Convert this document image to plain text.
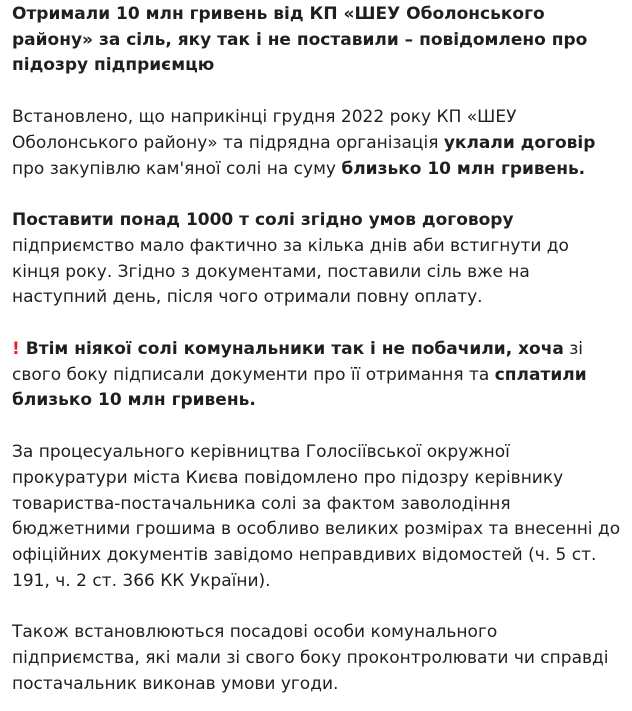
Отримали 10 млн гривень від КП «ШЕУ Оболонського району» за сіль, яку так і не поставили – повідомлено про підозру підприємцю

Встановлено, що наприкінці грудня 2022 року КП «ШЕУ Оболонського району» та підрядна організація уклали договір про закупівлю кам'яної солі на суму близько 10 млн гривень.

Поставити понад 1000 т солі згідно умов договору підприємство мало фактично за кілька днів аби встигнути до кінця року. Згідно з документами, поставили сіль вже на наступний день, після чого отримали повну оплату.

! Втім ніякої солі комунальники так і не побачили, хоча зі свого боку підписали документи про її отримання та сплатили близько 10 млн гривень.

За процесуального керівництва Голосіївської окружної прокуратури міста Києва повідомлено про підозру керівнику товариства-постачальника солі за фактом заволодіння бюджетними грошима в особливо великих розмірах та внесенні до офіційних документів завідомо неправдивих відомостей (ч. 5 ст. 191, ч. 2 ст. 366 КК України).

Також встановлюються посадові особи комунального підприємства, які мали зі свого боку проконтролювати чи справді постачальник виконав умови угоди.
